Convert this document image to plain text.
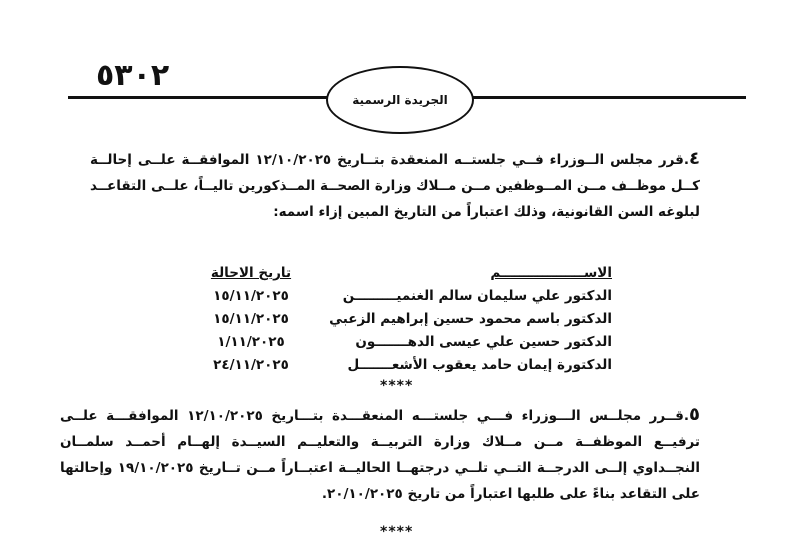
٥٣٠٢
الجريدة الرسمية
٤.قرر مجلس الــوزراء فــي جلستــه المنعقدة بتــاريخ ١٢/١٠/٢٠٢٥ الموافقــة علــى إحالــة كــل موظــف مــن المــوظفين مــن مــلاك وزارة الصحــة المــذكورين تاليــاً، علــى التقاعــد لبلوغه السن القانونية، وذلك اعتباراً من التاريخ المبين إزاء اسمه:
الاســــــــــــــــــم
تاريخ الاحالة
الدكتور علي سليمان سالم الغنميـــــــــن
١٥/١١/٢٠٢٥
الدكتور باسم محمود حسين إبراهيم الزعبي
١٥/١١/٢٠٢٥
الدكتور حسين علي عيسى الدهـــــــون
١/١١/٢٠٢٥
الدكتورة إيمان حامد يعقوب الأشعـــــــل
٢٤/١١/٢٠٢٥
****
٥.قــرر مجلــس الـــوزراء فـــي جلستـــه المنعقـــدة بتـــاريخ ١٢/١٠/٢٠٢٥ الموافقـــة علــى ترفيــع الموظفــة مــن مــلاك وزارة التربيــة والتعليــم السيــدة إلهــام أحمــد سلمــان النجــداوي إلــى الدرجــة التــي تلــي درجتهــا الحاليــة اعتبــاراً مــن تــاريخ ١٩/١٠/٢٠٢٥ وإحالتها على التقاعد بناءً على طلبها اعتباراً من تاريخ ٢٠/١٠/٢٠٢٥.
****
